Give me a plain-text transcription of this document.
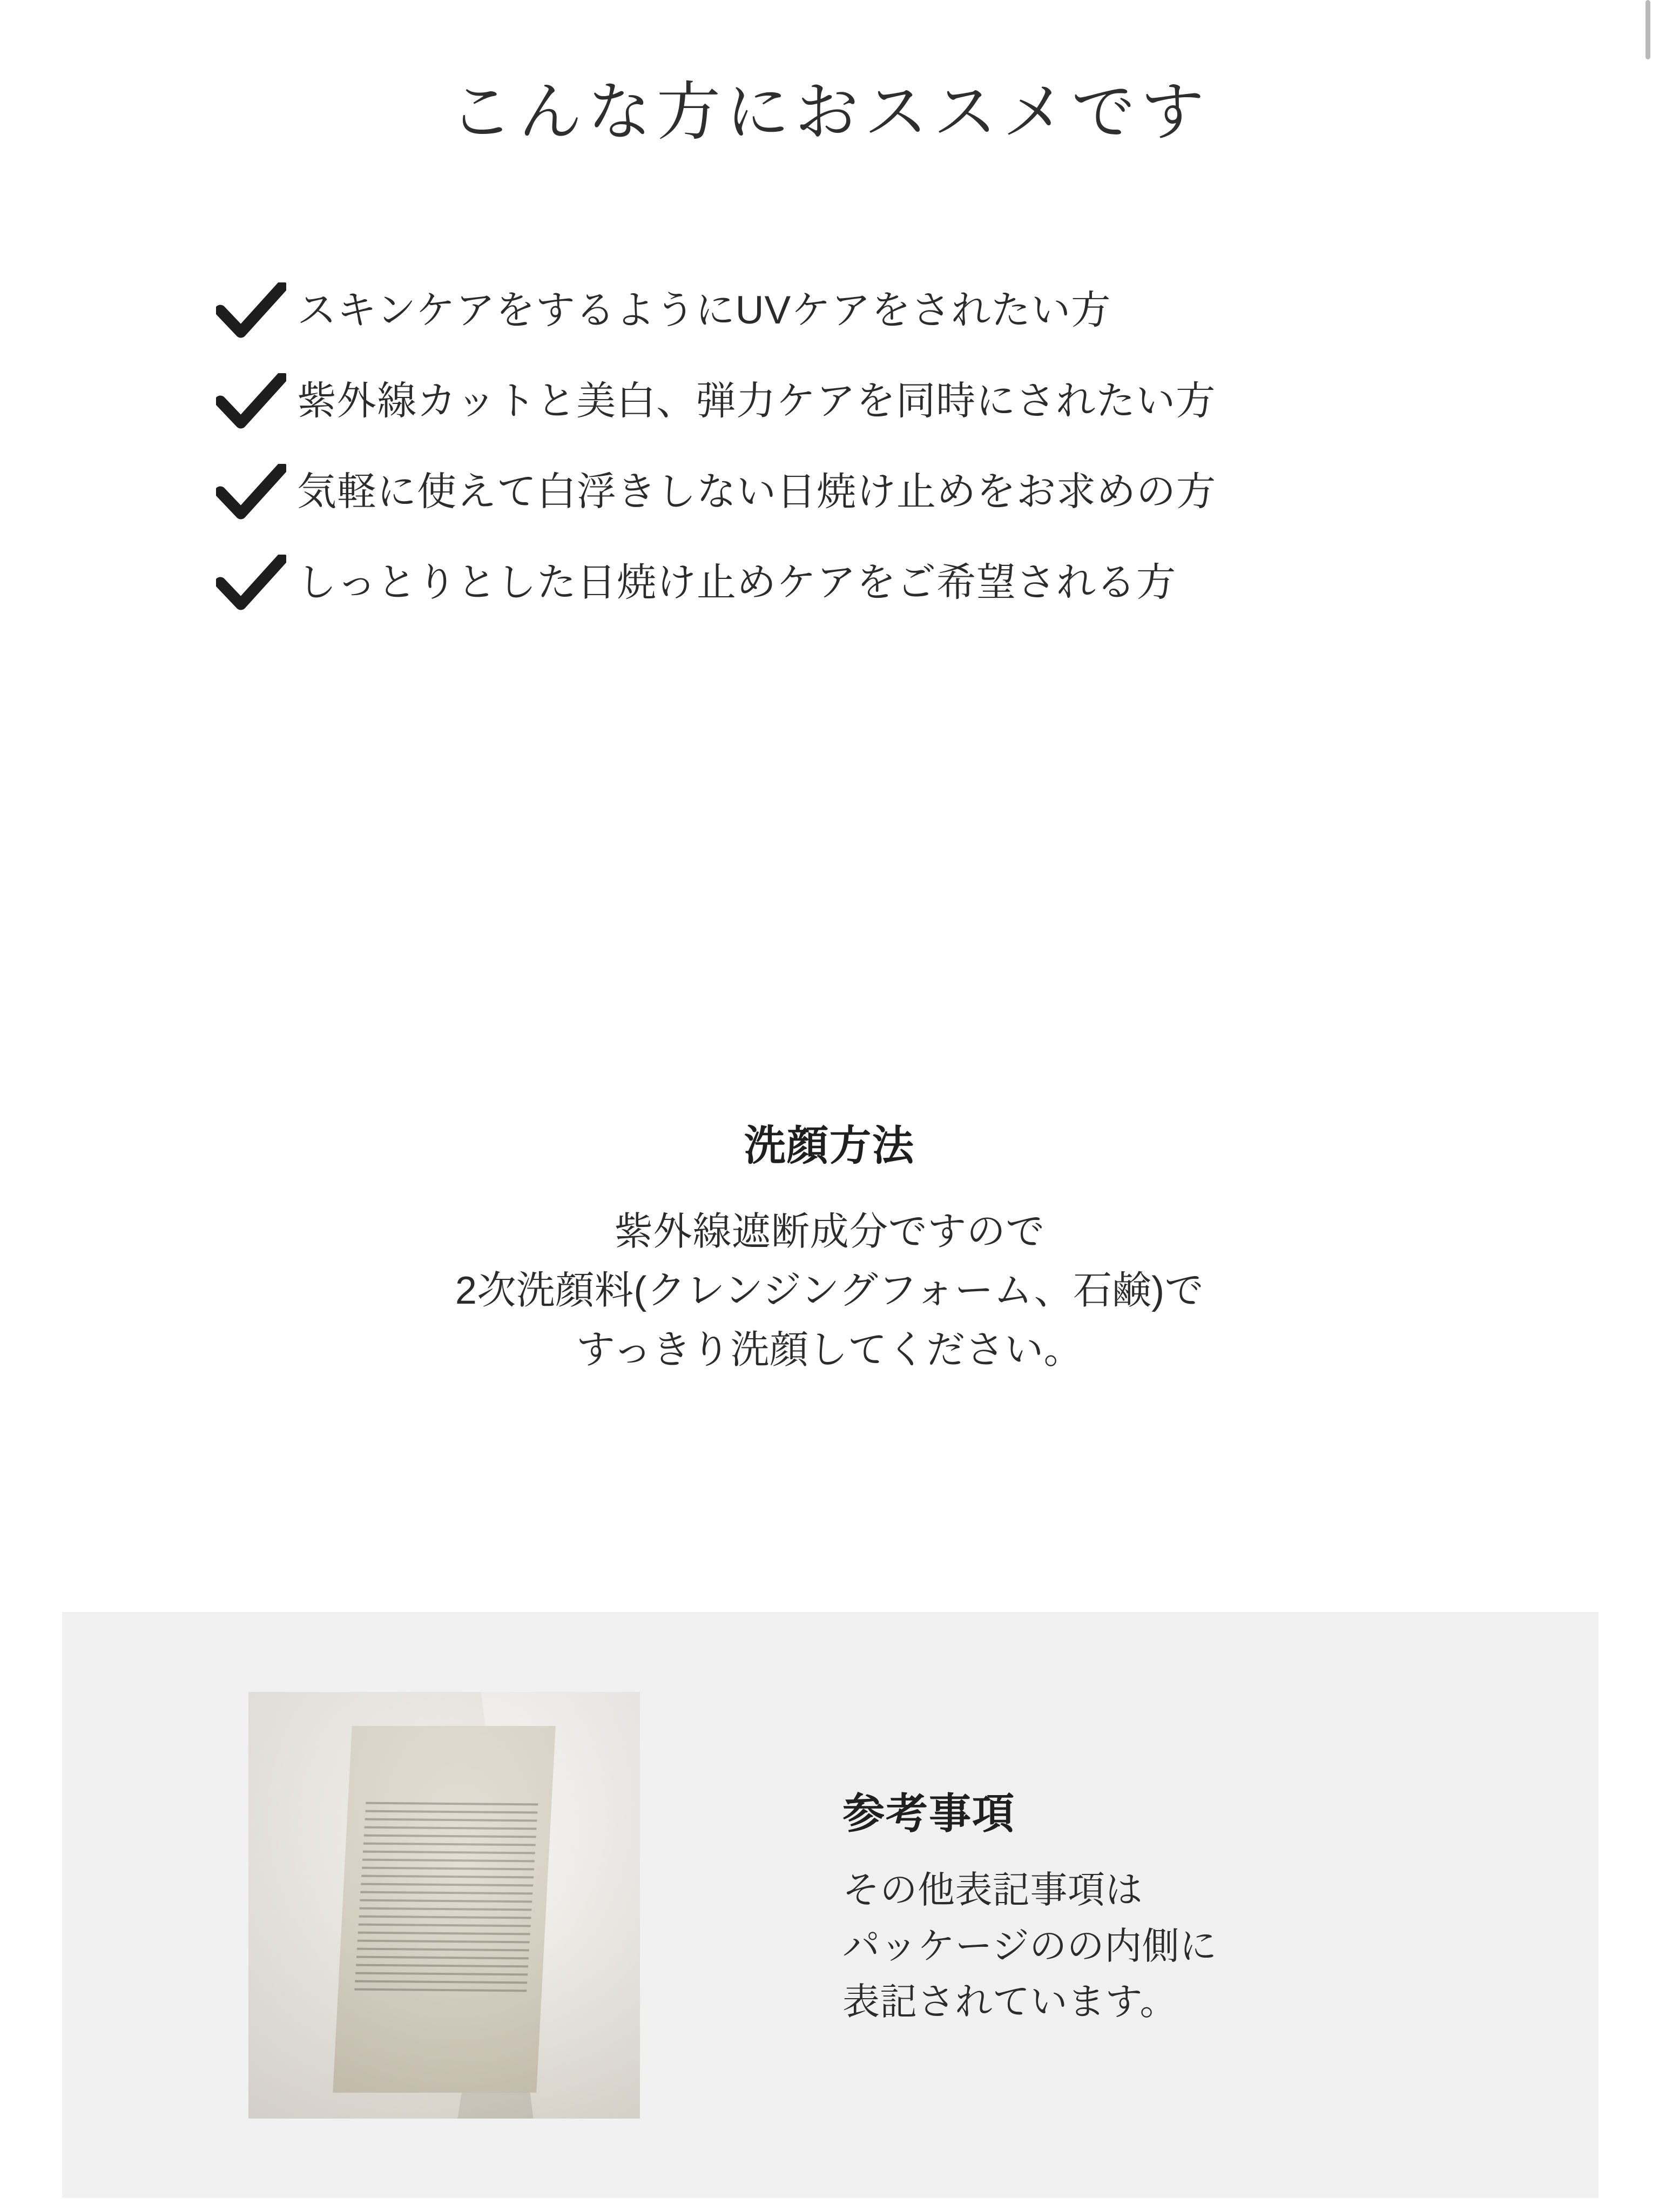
こんな方におススメです
スキンケアをするようにUVケアをされたい方
紫外線カットと美白、弾力ケアを同時にされたい方
気軽に使えて白浮きしない日焼け止めをお求めの方
しっとりとした日焼け止めケアをご希望される方
洗顔方法
紫外線遮断成分ですので
2次洗顔料(クレンジングフォーム、石鹸)で
すっきり洗顔してください。
参考事項
その他表記事項は
パッケージのの内側に
表記されています。
